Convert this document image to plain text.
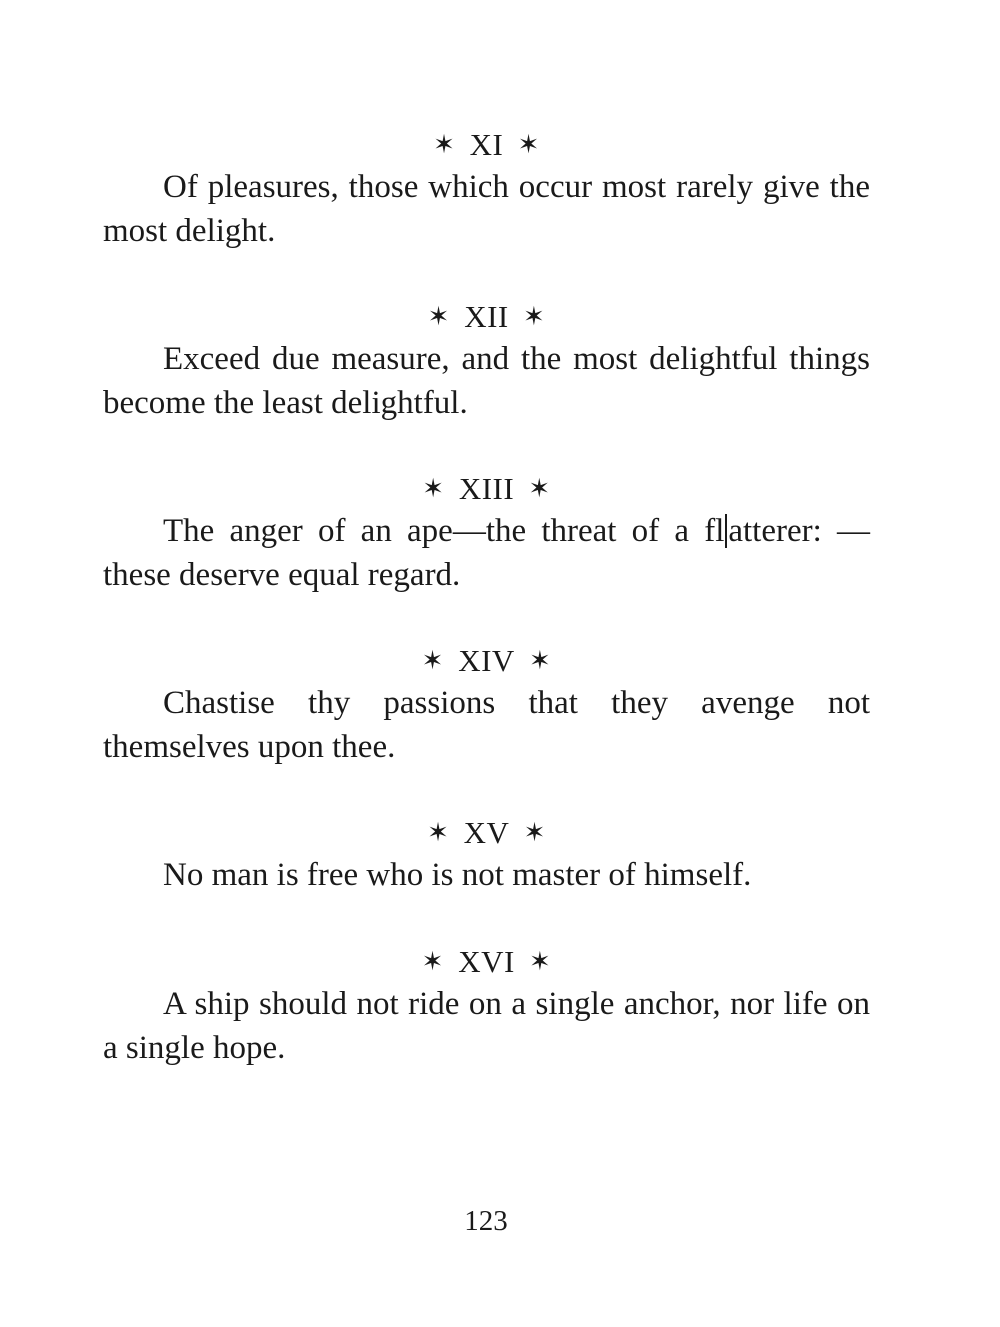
✶ XI ✶

Of pleasures, those which occur most rarely give the most delight.

✶ XII ✶

Exceed due measure, and the most delightful things become the least delightful.

✶ XIII ✶

The anger of an ape—the threat of a fl atterer: —these deserve equal regard.

✶ XIV ✶

Chastise thy passions that they avenge not themselves upon thee.

✶ XV ✶

No man is free who is not master of himself.

✶ XVI ✶

A ship should not ride on a single anchor, nor life on a single hope.

123
